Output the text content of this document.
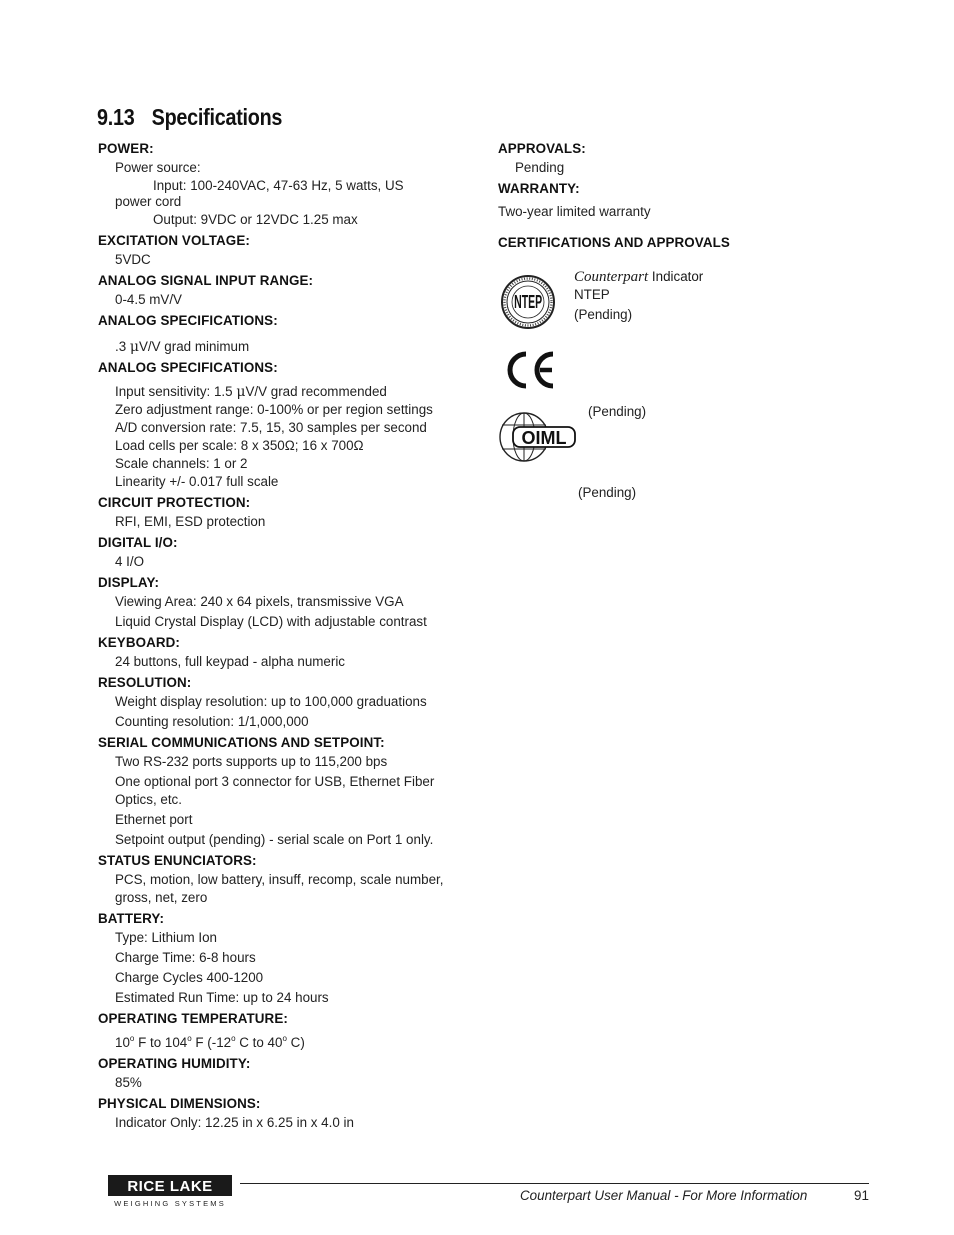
9.13 Specifications
POWER:
Power source:
Input: 100-240VAC, 47-63 Hz, 5 watts, US
power cord
Output: 9VDC or 12VDC 1.25 max
EXCITATION VOLTAGE:
5VDC
ANALOG SIGNAL INPUT RANGE:
0-4.5 mV/V
ANALOG SPECIFICATIONS:
.3 μV/V grad minimum
ANALOG SPECIFICATIONS:
Input sensitivity: 1.5 μV/V grad recommended
Zero adjustment range: 0-100% or per region settings
A/D conversion rate: 7.5, 15, 30 samples per second
Load cells per scale: 8 x 350Ω; 16 x 700Ω
Scale channels: 1 or 2
Linearity +/- 0.017 full scale
CIRCUIT PROTECTION:
RFI, EMI, ESD protection
DIGITAL I/O:
4 I/O
DISPLAY:
Viewing Area: 240 x 64 pixels, transmissive VGA
Liquid Crystal Display (LCD) with adjustable contrast
KEYBOARD:
24 buttons, full keypad - alpha numeric
RESOLUTION:
Weight display resolution: up to 100,000 graduations
Counting resolution: 1/1,000,000
SERIAL COMMUNICATIONS AND SETPOINT:
Two RS-232 ports supports up to 115,200 bps
One optional port 3 connector for USB, Ethernet Fiber
Optics, etc.
Ethernet port
Setpoint output (pending) - serial scale on Port 1 only.
STATUS ENUNCIATORS:
PCS, motion, low battery, insuff, recomp, scale number,
gross, net, zero
BATTERY:
Type: Lithium Ion
Charge Time: 6-8 hours
Charge Cycles 400-1200
Estimated Run Time: up to 24 hours
OPERATING TEMPERATURE:
10$^o$ F to 104$^o$ F (-12$^o$ C to 40$^o$ C)
OPERATING HUMIDITY:
85%
PHYSICAL DIMENSIONS:
Indicator Only: 12.25 in x 6.25 in x 4.0 in
APPROVALS:
Pending
WARRANTY:
Two-year limited warranty
CERTIFICATIONS AND APPROVALS
NTEP
Counterpart Indicator
NTEP
(Pending)
(Pending)
OIML
(Pending)
RICE LAKE
WEIGHING SYSTEMS
Counterpart User Manual - For More Information	91
